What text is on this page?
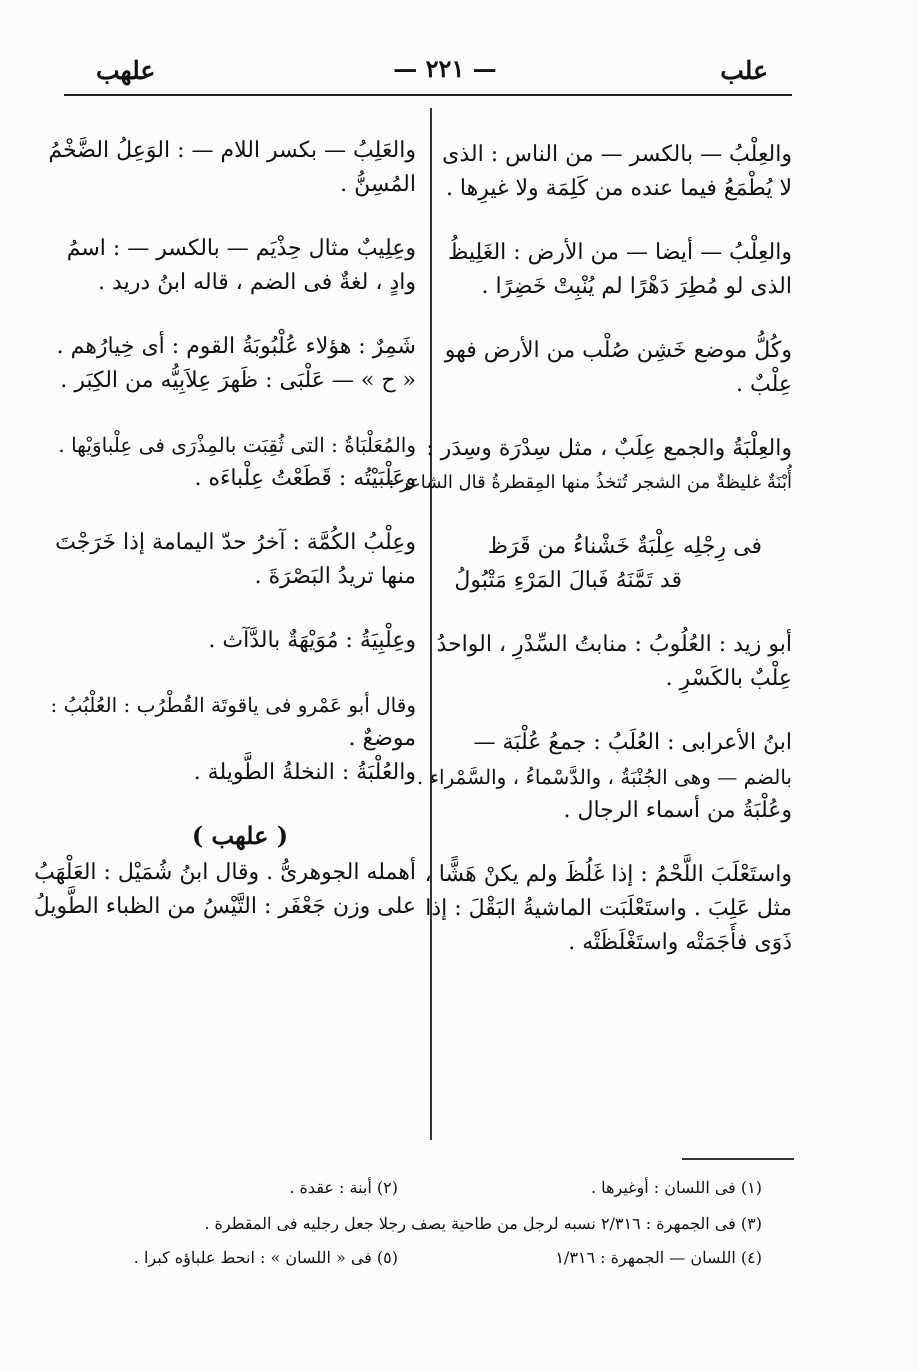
علب
— ٢٢١ —
علهب
والعِلْبُ — بالكسر — من الناس : الذى
لا يُطْمَعُ فيما عنده من كَلِمَة ولا غيرِها .
والعِلْبُ — أيضا — من الأرض : الغَلِيظُ
الذى لو مُطِرَ دَهْرًا لم يُنْبِتْ خَضِرًا .
وكُلُّ موضع خَشِن صُلْب من الأرض فهو
عِلْبٌ .
والعِلْبَةُ والجمع عِلَبٌ ، مثل سِدْرَة وسِدَر :
أُبْنَةٌ غليظةٌ من الشجر تُتخذُ منها المِقطرةُ قال الشاعر :
فى رِجْلِه عِلْبَةٌ خَشْناءُ من قَرَظ
قد تَمَّنَهُ فَبالَ المَرْءِ مَتْبُولُ
أبو زيد : العُلُوبُ : منابتُ السِّدْرِ ، الواحدُ
عِلْبٌ بالكَسْرِ .
ابنُ الأعرابى : العُلَبُ : جمعُ عُلْبَة —
بالضم — وهى الجُنْبَةُ ، والدَّسْماءُ ، والسَّمْراء .
وعُلْبَةُ من أسماء الرجال .
واستَعْلَبَ اللَّحْمُ : إذا غَلُظَ ولم يكنْ هَشًّا ،
مثل عَلِبَ . واستَعْلَبَت الماشيةُ البَقْلَ : إذا
ذَوَى فأَجَمَتْه واستَغْلَظَتْه .
والعَلِبُ — بكسر اللام — : الوَعِلُ الضَّخْمُ
المُسِنُّ .
وعِلِيبٌ مثال حِذْيَم — بالكسر — : اسمُ
وادٍ ، لغةٌ فى الضم ، قاله ابنُ دريد .
شَمِرٌ : هؤلاء عُلْبُوبَةُ القوم : أى خِيارُهم .
« ح » — عَلْبَى : ظَهرَ عِلاَبِيُّه من الكِبَر .
والمُعَلْبَاةُ : التى ثُقِبَت بالمِذْرَى فى عِلْباوَيْها .
وعَلْبَيْتُه : قَطَعْتُ عِلْباءَه .
وعِلْبُ الكُمَّة : آخرُ حدّ اليمامة إذا خَرَجْتَ
منها تريدُ البَصْرَةَ .
وعِلْبِيَةُ : مُوَيْهَةٌ بالدَّآث .
وقال أبو عَمْرو فى ياقوتَة القُطْرُب : العُلْبُبُ :
موضعٌ .
والعُلْبَةُ : النخلةُ الطَّويلة .
( علهب )
أهمله الجوهرىُّ . وقال ابنُ شُمَيْل : العَلْهَبُ
على وزن جَعْفَر : التَّيْسُ من الظباء الطَّويلُ
(١) فى اللسان : أوغيرها .
(٢) أبنة : عقدة .
(٣) فى الجمهرة : ٢/٣١٦ نسبه لرجل من طاحية يصف رجلا جعل رجليه فى المقطرة .
(٤) اللسان — الجمهرة : ١/٣١٦
(٥) فى « اللسان » : انحط علباؤه كبرا .
